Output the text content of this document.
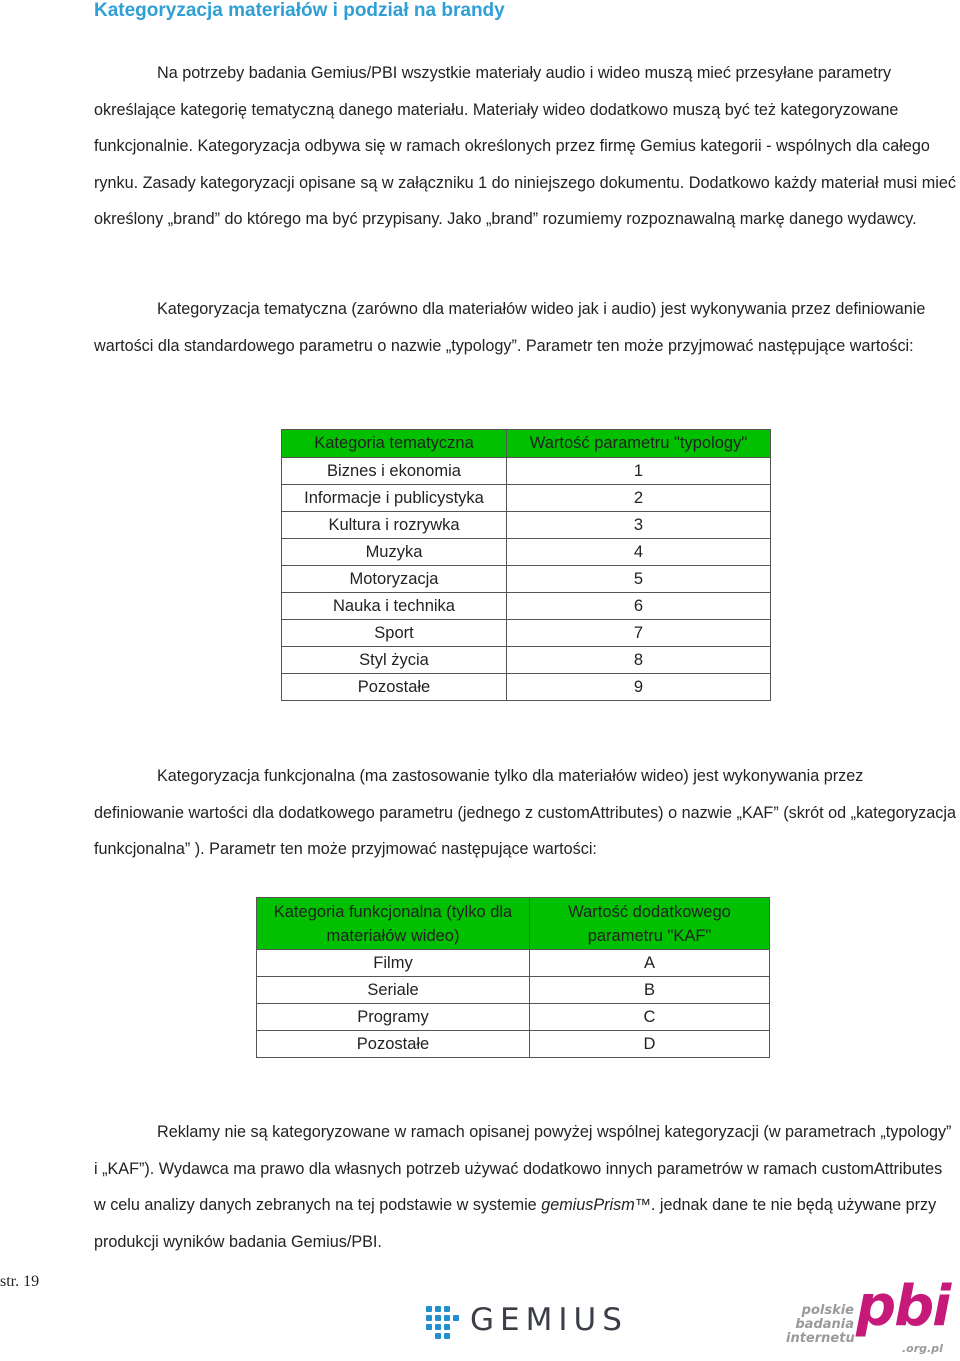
Kategoryzacja materiałów i podział na brandy

Na potrzeby badania Gemius/PBI wszystkie materiały audio i wideo muszą mieć przesyłane parametry określające kategorię tematyczną danego materiału. Materiały wideo dodatkowo muszą być też kategoryzowane funkcjonalnie. Kategoryzacja odbywa się w ramach określonych przez firmę Gemius kategorii - wspólnych dla całego rynku. Zasady kategoryzacji opisane są w załączniku 1 do niniejszego dokumentu. Dodatkowo każdy materiał musi mieć określony „brand” do którego ma być przypisany. Jako „brand” rozumiemy rozpoznawalną markę danego wydawcy.

Kategoryzacja tematyczna (zarówno dla materiałów wideo jak i audio) jest wykonywania przez definiowanie wartości dla standardowego parametru o nazwie „typology”. Parametr ten może przyjmować następujące wartości:

Kategoria tematyczna	Wartość parametru "typology"
Biznes i ekonomia	1
Informacje i publicystyka	2
Kultura i rozrywka	3
Muzyka	4
Motoryzacja	5
Nauka i technika	6
Sport	7
Styl życia	8
Pozostałe	9

Kategoryzacja funkcjonalna (ma zastosowanie tylko dla materiałów wideo) jest wykonywania przez definiowanie wartości dla dodatkowego parametru (jednego z customAttributes) o nazwie „KAF” (skrót od „kategoryzacja funkcjonalna” ). Parametr ten może przyjmować następujące wartości:

Kategoria funkcjonalna (tylko dla materiałów wideo)	Wartość dodatkowego parametru "KAF"
Filmy	A
Seriale	B
Programy	C
Pozostałe	D

Reklamy nie są kategoryzowane w ramach opisanej powyżej wspólnej kategoryzacji (w parametrach „typology” i „KAF”). Wydawca ma prawo dla własnych potrzeb używać dodatkowo innych parametrów w ramach customAttributes w celu analizy danych zebranych na tej podstawie w systemie gemiusPrism™. jednak dane te nie będą używane przy produkcji wyników badania Gemius/PBI.

str. 19
GEMIUS	polskie
badania
internetu pbi
.org.pl
